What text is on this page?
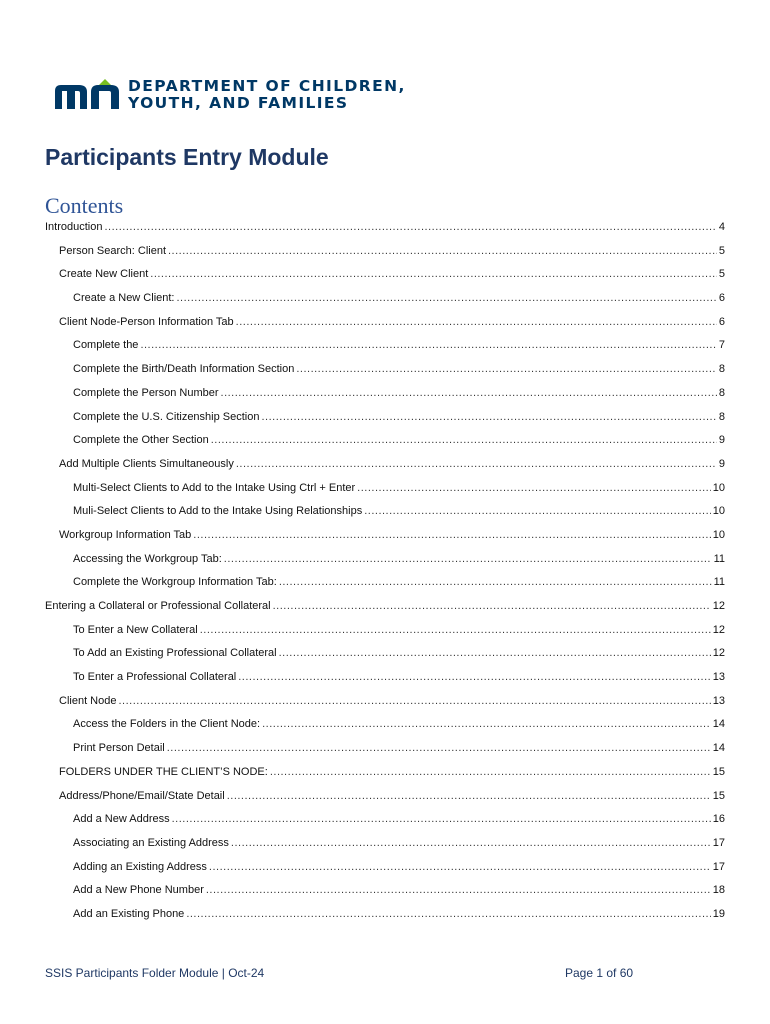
DEPARTMENT OF CHILDREN,
YOUTH, AND FAMILIES
Participants Entry Module
Contents
Introduction .....	4
Person Search: Client .....	5
Create New Client .....	5
Create a New Client: .....	6
Client Node-Person Information Tab .....	6
Complete the .....	7
Complete the Birth/Death Information Section .....	8
Complete the Person Number .....	8
Complete the U.S. Citizenship Section .....	8
Complete the Other Section .....	9
Add Multiple Clients Simultaneously .....	9
Multi-Select Clients to Add to the Intake Using Ctrl + Enter .....	10
Muli-Select Clients to Add to the Intake Using Relationships .....	10
Workgroup Information Tab .....	10
Accessing the Workgroup Tab: .....	11
Complete the Workgroup Information Tab: .....	11
Entering a Collateral or Professional Collateral .....	12
To Enter a New Collateral .....	12
To Add an Existing Professional Collateral .....	12
To Enter a Professional Collateral .....	13
Client Node .....	13
Access the Folders in the Client Node: .....	14
Print Person Detail .....	14
FOLDERS UNDER THE CLIENT’S NODE: .....	15
Address/Phone/Email/State Detail .....	15
Add a New Address .....	16
Associating an Existing Address .....	17
Adding an Existing Address .....	17
Add a New Phone Number .....	18
Add an Existing Phone .....	19
SSIS Participants Folder Module | Oct-24	Page 1 of 60
